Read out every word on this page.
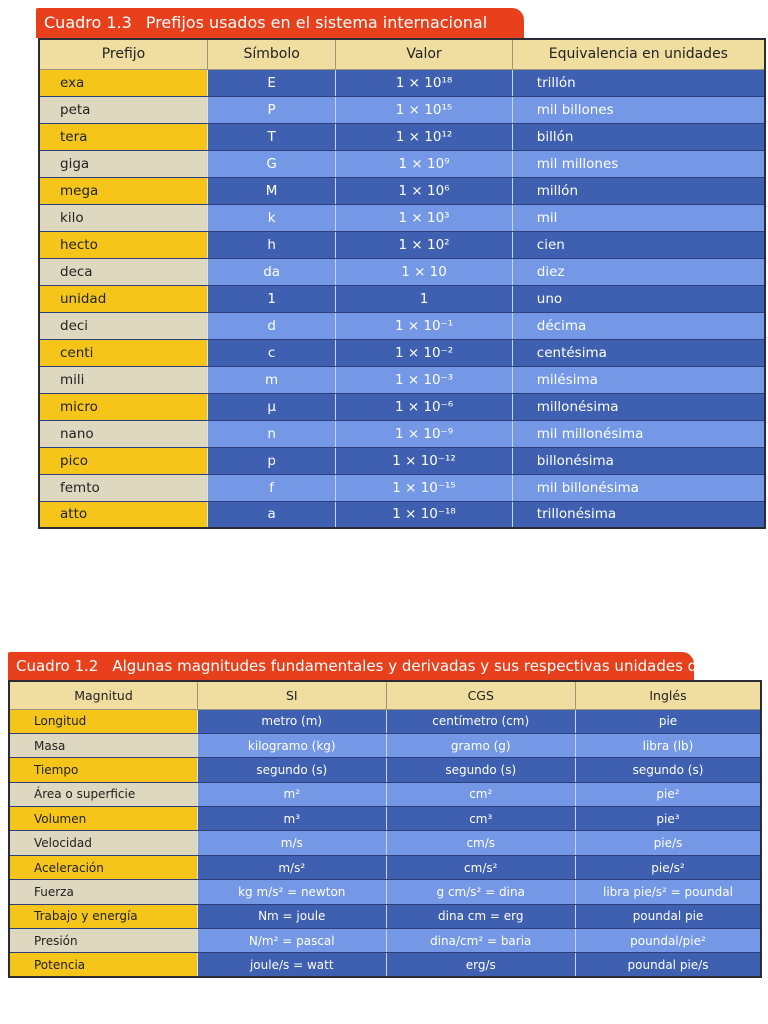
Cuadro 1.3 Prefijos usados en el sistema internacional
Prefijo	Símbolo	Valor	Equivalencia en unidades
exa	E	1 × 10¹⁸	trillón
peta	P	1 × 10¹⁵	mil billones
tera	T	1 × 10¹²	billón
giga	G	1 × 10⁹	mil millones
mega	M	1 × 10⁶	millón
kilo	k	1 × 10³	mil
hecto	h	1 × 10²	cien
deca	da	1 × 10	diez
unidad	1	1	uno
deci	d	1 × 10⁻¹	décima
centi	c	1 × 10⁻²	centésima
mili	m	1 × 10⁻³	milésima
micro	μ	1 × 10⁻⁶	millonésima
nano	n	1 × 10⁻⁹	mil millonésima
pico	p	1 × 10⁻¹²	billonésima
femto	f	1 × 10⁻¹⁵	mil billonésima
atto	a	1 × 10⁻¹⁸	trillonésima
Cuadro 1.2 Algunas magnitudes fundamentales y derivadas y sus respectivas unidades de medida
Magnitud	SI	CGS	Inglés
Longitud	metro (m)	centímetro (cm)	pie
Masa	kilogramo (kg)	gramo (g)	libra (lb)
Tiempo	segundo (s)	segundo (s)	segundo (s)
Área o superficie	m²	cm²	pie²
Volumen	m³	cm³	pie³
Velocidad	m/s	cm/s	pie/s
Aceleración	m/s²	cm/s²	pie/s²
Fuerza	kg m/s² = newton	g cm/s² = dina	libra pie/s² = poundal
Trabajo y energía	Nm = joule	dina cm = erg	poundal pie
Presión	N/m² = pascal	dina/cm² = baria	poundal/pie²
Potencia	joule/s = watt	erg/s	poundal pie/s
